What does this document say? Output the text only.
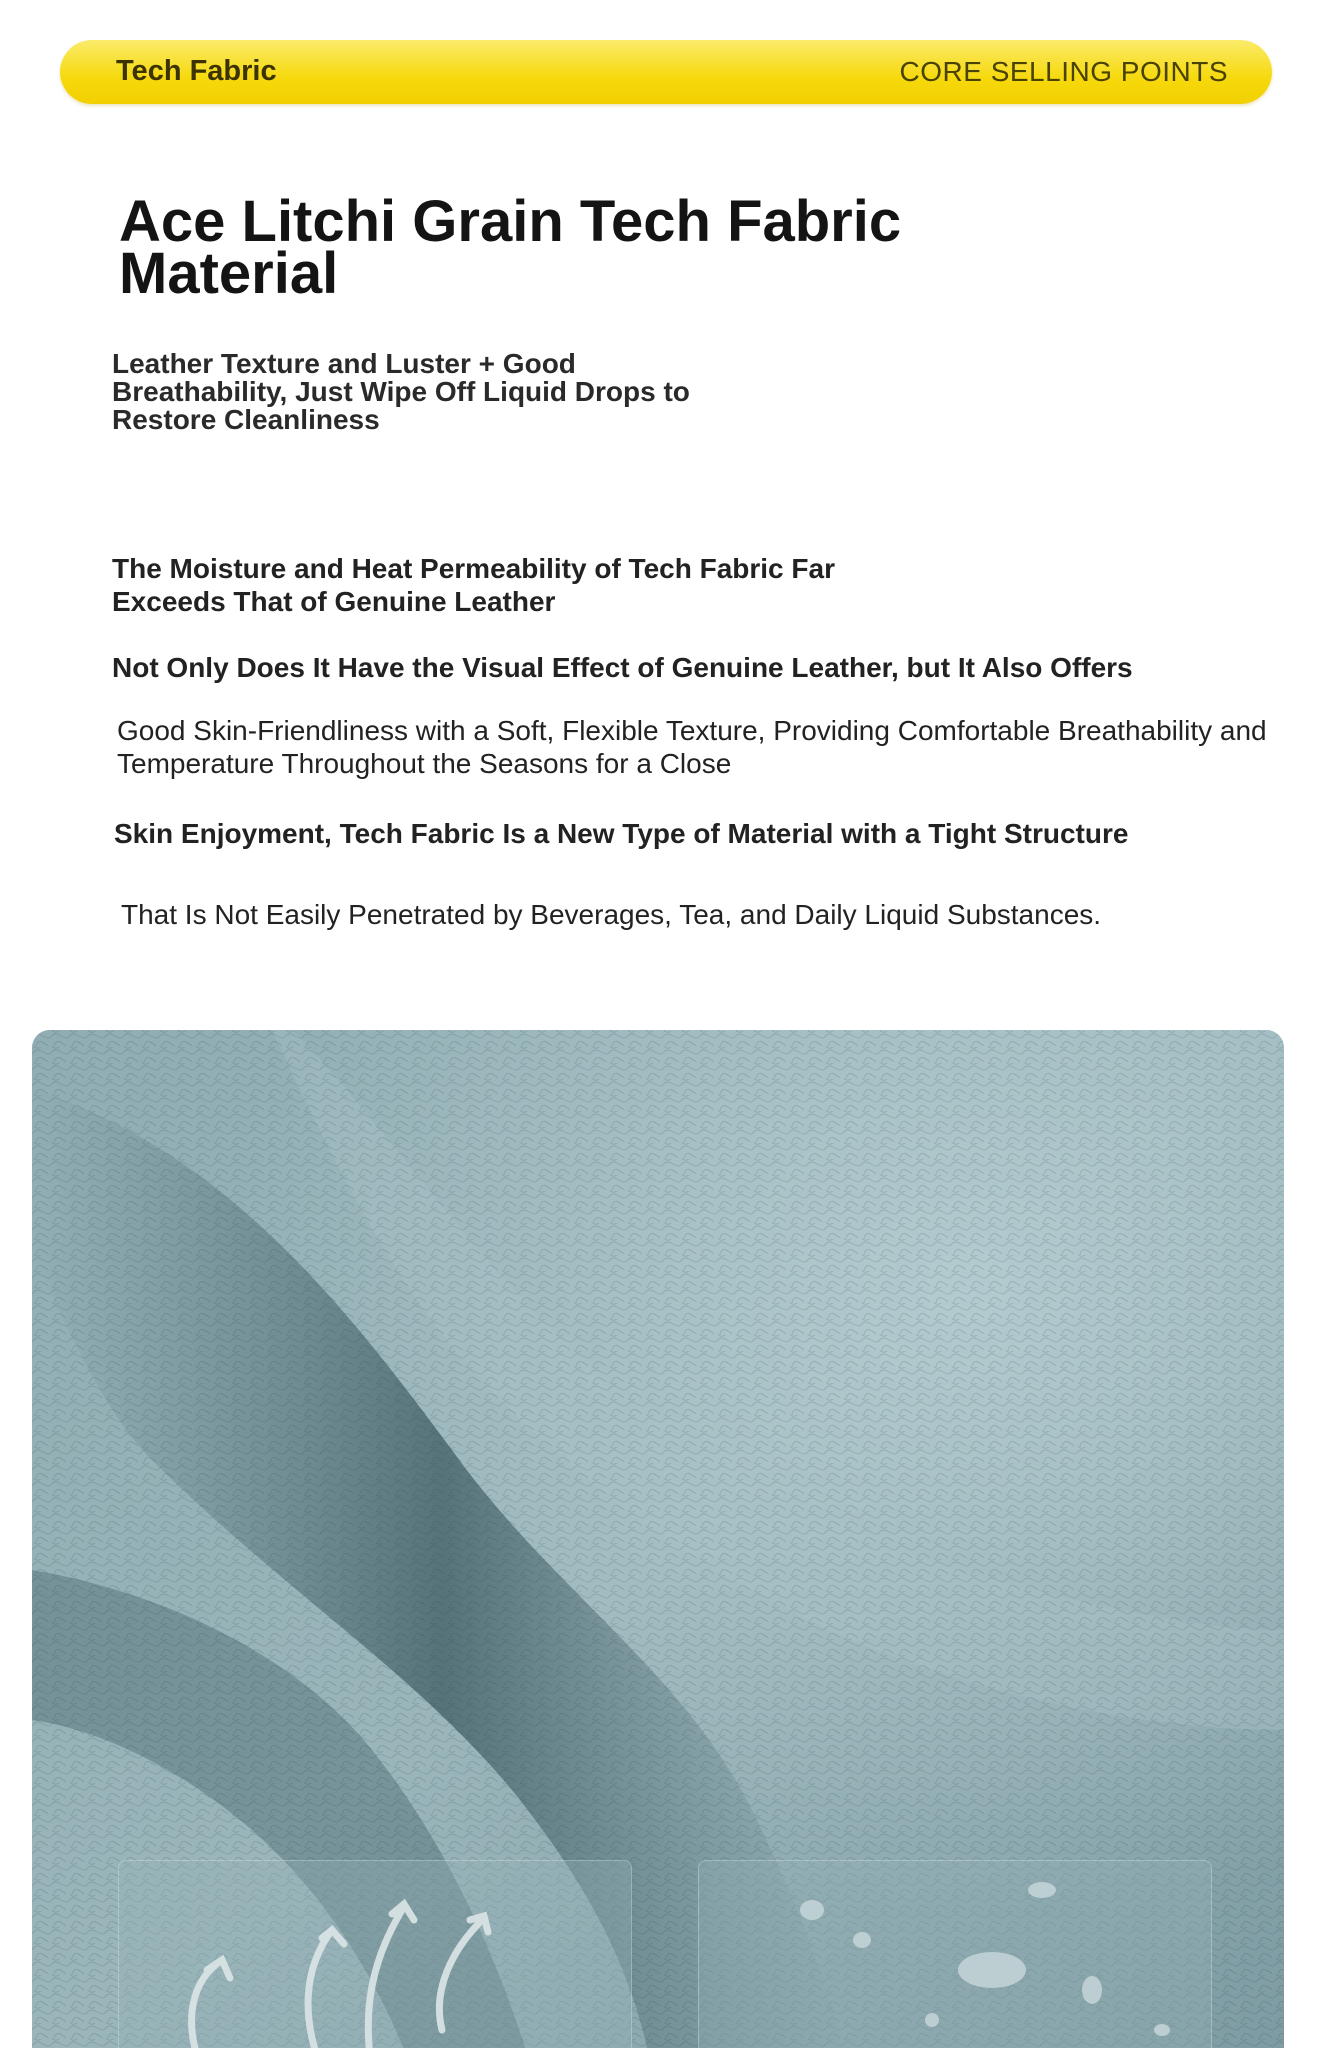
Tech Fabric	CORE SELLING POINTS
Ace Litchi Grain Tech Fabric Material

Leather Texture and Luster + Good Breathability, Just Wipe Off Liquid Drops to Restore Cleanliness

The Moisture and Heat Permeability of Tech Fabric Far
Exceeds That of Genuine Leather

Not Only Does It Have the Visual Effect of Genuine Leather, but It Also Offers

Good Skin-Friendliness with a Soft, Flexible Texture, Providing Comfortable Breathability and
Temperature Throughout the Seasons for a Close

Skin Enjoyment, Tech Fabric Is a New Type of Material with a Tight Structure

That Is Not Easily Penetrated by Beverages, Tea, and Daily Liquid Substances.
